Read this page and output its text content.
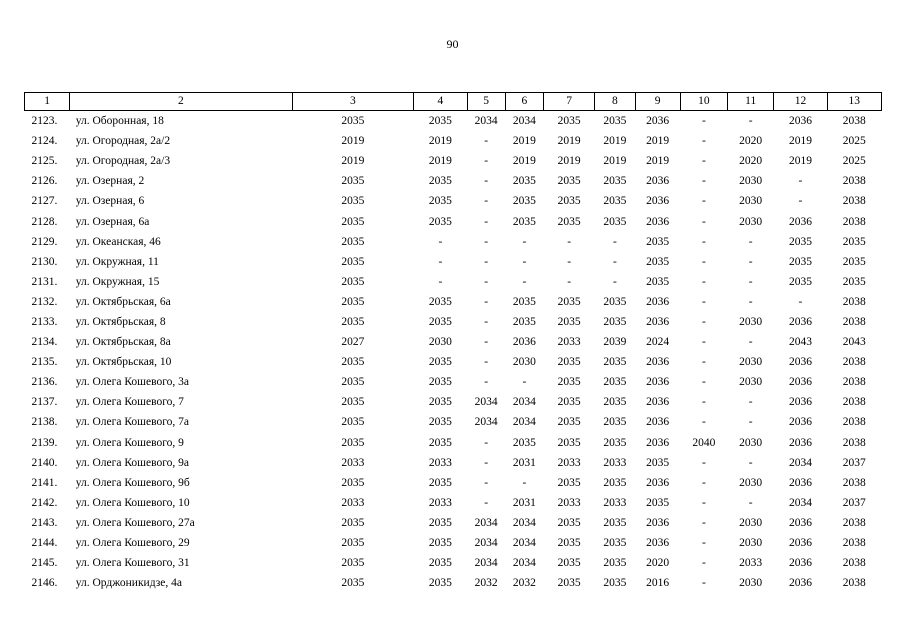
90
1	2	3	4	5	6	7	8	9	10	11	12	13
2123.	ул. Оборонная, 18	2035	2035	2034	2034	2035	2035	2036	-	-	2036	2038
2124.	ул. Огородная, 2а/2	2019	2019	-	2019	2019	2019	2019	-	2020	2019	2025
2125.	ул. Огородная, 2а/3	2019	2019	-	2019	2019	2019	2019	-	2020	2019	2025
2126.	ул. Озерная, 2	2035	2035	-	2035	2035	2035	2036	-	2030	-	2038
2127.	ул. Озерная, 6	2035	2035	-	2035	2035	2035	2036	-	2030	-	2038
2128.	ул. Озерная, 6а	2035	2035	-	2035	2035	2035	2036	-	2030	2036	2038
2129.	ул. Океанская, 46	2035	-	-	-	-	-	2035	-	-	2035	2035
2130.	ул. Окружная, 11	2035	-	-	-	-	-	2035	-	-	2035	2035
2131.	ул. Окружная, 15	2035	-	-	-	-	-	2035	-	-	2035	2035
2132.	ул. Октябрьская, 6а	2035	2035	-	2035	2035	2035	2036	-	-	-	2038
2133.	ул. Октябрьская, 8	2035	2035	-	2035	2035	2035	2036	-	2030	2036	2038
2134.	ул. Октябрьская, 8а	2027	2030	-	2036	2033	2039	2024	-	-	2043	2043
2135.	ул. Октябрьская, 10	2035	2035	-	2030	2035	2035	2036	-	2030	2036	2038
2136.	ул. Олега Кошевого, 3а	2035	2035	-	-	2035	2035	2036	-	2030	2036	2038
2137.	ул. Олега Кошевого, 7	2035	2035	2034	2034	2035	2035	2036	-	-	2036	2038
2138.	ул. Олега Кошевого, 7а	2035	2035	2034	2034	2035	2035	2036	-	-	2036	2038
2139.	ул. Олега Кошевого, 9	2035	2035	-	2035	2035	2035	2036	2040	2030	2036	2038
2140.	ул. Олега Кошевого, 9а	2033	2033	-	2031	2033	2033	2035	-	-	2034	2037
2141.	ул. Олега Кошевого, 9б	2035	2035	-	-	2035	2035	2036	-	2030	2036	2038
2142.	ул. Олега Кошевого, 10	2033	2033	-	2031	2033	2033	2035	-	-	2034	2037
2143.	ул. Олега Кошевого, 27а	2035	2035	2034	2034	2035	2035	2036	-	2030	2036	2038
2144.	ул. Олега Кошевого, 29	2035	2035	2034	2034	2035	2035	2036	-	2030	2036	2038
2145.	ул. Олега Кошевого, 31	2035	2035	2034	2034	2035	2035	2020	-	2033	2036	2038
2146.	ул. Орджоникидзе, 4а	2035	2035	2032	2032	2035	2035	2016	-	2030	2036	2038
